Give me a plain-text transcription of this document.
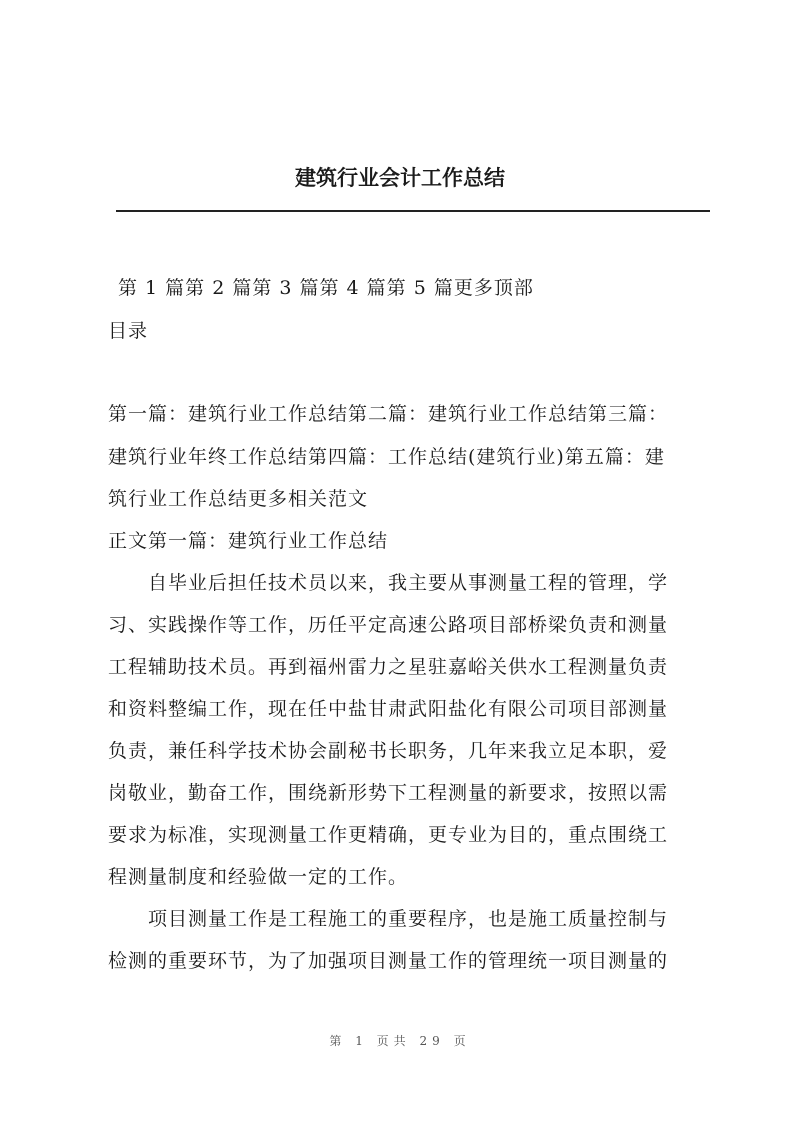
建筑行业会计工作总结
第 1 篇第 2 篇第 3 篇第 4 篇第 5 篇更多顶部
目录
第一篇：建筑行业工作总结第二篇：建筑行业工作总结第三篇：
建筑行业年终工作总结第四篇：工作总结(建筑行业)第五篇：建
筑行业工作总结更多相关范文
正文第一篇：建筑行业工作总结
　　自毕业后担任技术员以来，我主要从事测量工程的管理，学
习、实践操作等工作，历任平定高速公路项目部桥梁负责和测量
工程辅助技术员。再到福州雷力之星驻嘉峪关供水工程测量负责
和资料整编工作，现在任中盐甘肃武阳盐化有限公司项目部测量
负责，兼任科学技术协会副秘书长职务，几年来我立足本职，爱
岗敬业，勤奋工作，围绕新形势下工程测量的新要求，按照以需
要求为标准，实现测量工作更精确，更专业为目的，重点围绕工
程测量制度和经验做一定的工作。
　　项目测量工作是工程施工的重要程序，也是施工质量控制与
检测的重要环节，为了加强项目测量工作的管理统一项目测量的
第 1 页共 29 页
